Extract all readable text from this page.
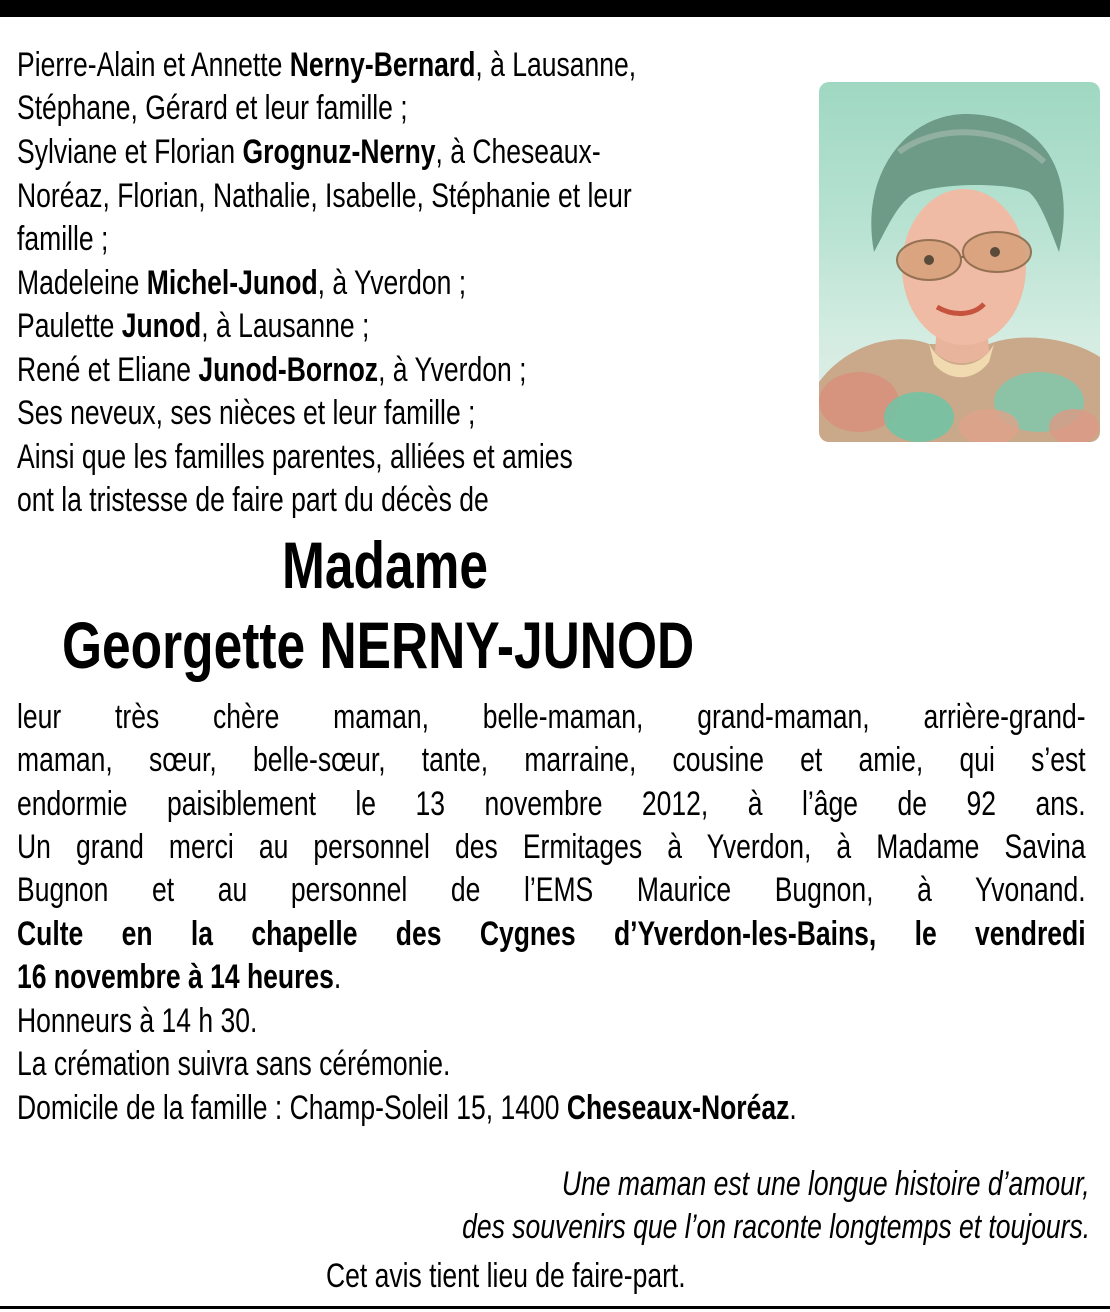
Pierre-Alain et Annette Nerny-Bernard, à Lausanne,
Stéphane, Gérard et leur famille ;
Sylviane et Florian Grognuz-Nerny, à Cheseaux-
Noréaz, Florian, Nathalie, Isabelle, Stéphanie et leur
famille ;
Madeleine Michel-Junod, à Yverdon ;
Paulette Junod, à Lausanne ;
René et Eliane Junod-Bornoz, à Yverdon ;
Ses neveux, ses nièces et leur famille ;
Ainsi que les familles parentes, alliées et amies
ont la tristesse de faire part du décès de
Madame
Georgette NERNY-JUNOD
leur très chère maman, belle-maman, grand-maman, arrière-grand-
maman, sœur, belle-sœur, tante, marraine, cousine et amie, qui s’est
endormie paisiblement le 13 novembre 2012, à l’âge de 92 ans.
Un grand merci au personnel des Ermitages à Yverdon, à Madame Savina
Bugnon et au personnel de l’EMS Maurice Bugnon, à Yvonand.
Culte en la chapelle des Cygnes d’Yverdon-les-Bains, le vendredi
16 novembre à 14 heures.
Honneurs à 14 h 30.
La crémation suivra sans cérémonie.
Domicile de la famille : Champ-Soleil 15, 1400 Cheseaux-Noréaz.
Une maman est une longue histoire d’amour,
des souvenirs que l’on raconte longtemps et toujours.
Cet avis tient lieu de faire-part.
